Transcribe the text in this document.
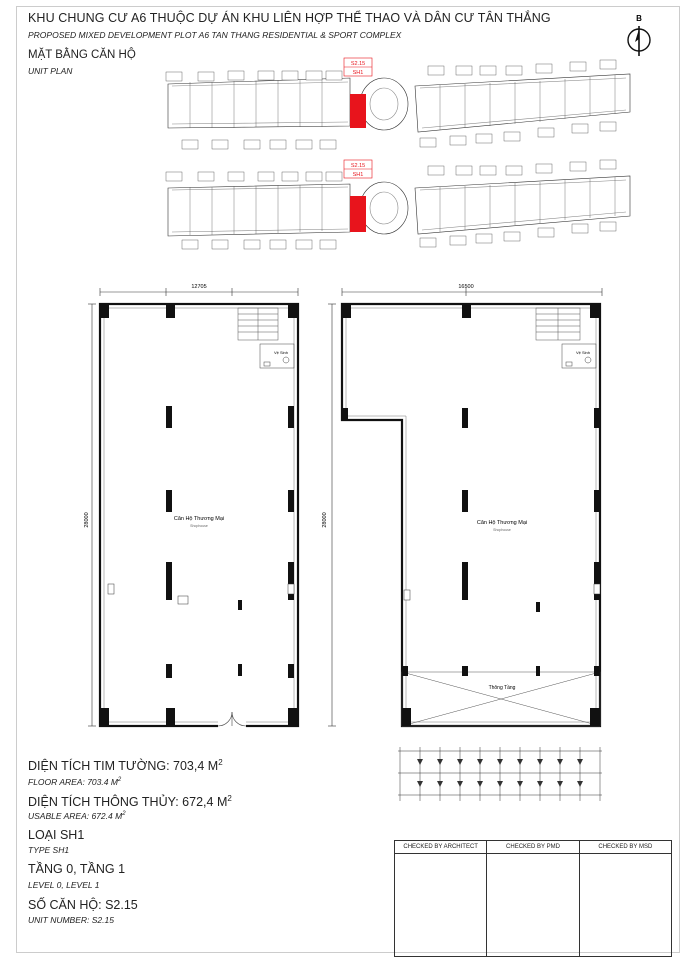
KHU CHUNG CƯ A6 THUỘC DỰ ÁN KHU LIÊN HỢP THỂ THAO VÀ DÂN CƯ TÂN THẮNG
PROPOSED MIXED DEVELOPMENT PLOT A6 TAN THANG RESIDENTIAL & SPORT COMPLEX
MẶT BẰNG CĂN HỘ
UNIT PLAN
B
S2.15
SH1
S2.15
SH1
12705
28000
Vệ Sinh
Căn Hộ Thương Mại
Shophouse
16500
28000
Vệ Sinh
Thông Tầng
Căn Hộ Thương Mại
Shophouse
DIỆN TÍCH TIM TƯỜNG: 703,4 $M^2$
FLOOR AREA: 703.4 $M^2$
DIỆN TÍCH THÔNG THỦY: 672,4 $M^2$
USABLE AREA: 672.4 $M^2$
LOẠI SH1
TYPE SH1
TẦNG 0, TẦNG 1
LEVEL 0, LEVEL 1
SỐ CĂN HỘ: S2.15
UNIT NUMBER: S2.15
CHECKED BY ARCHITECT	CHECKED BY PMD	CHECKED BY MSD
